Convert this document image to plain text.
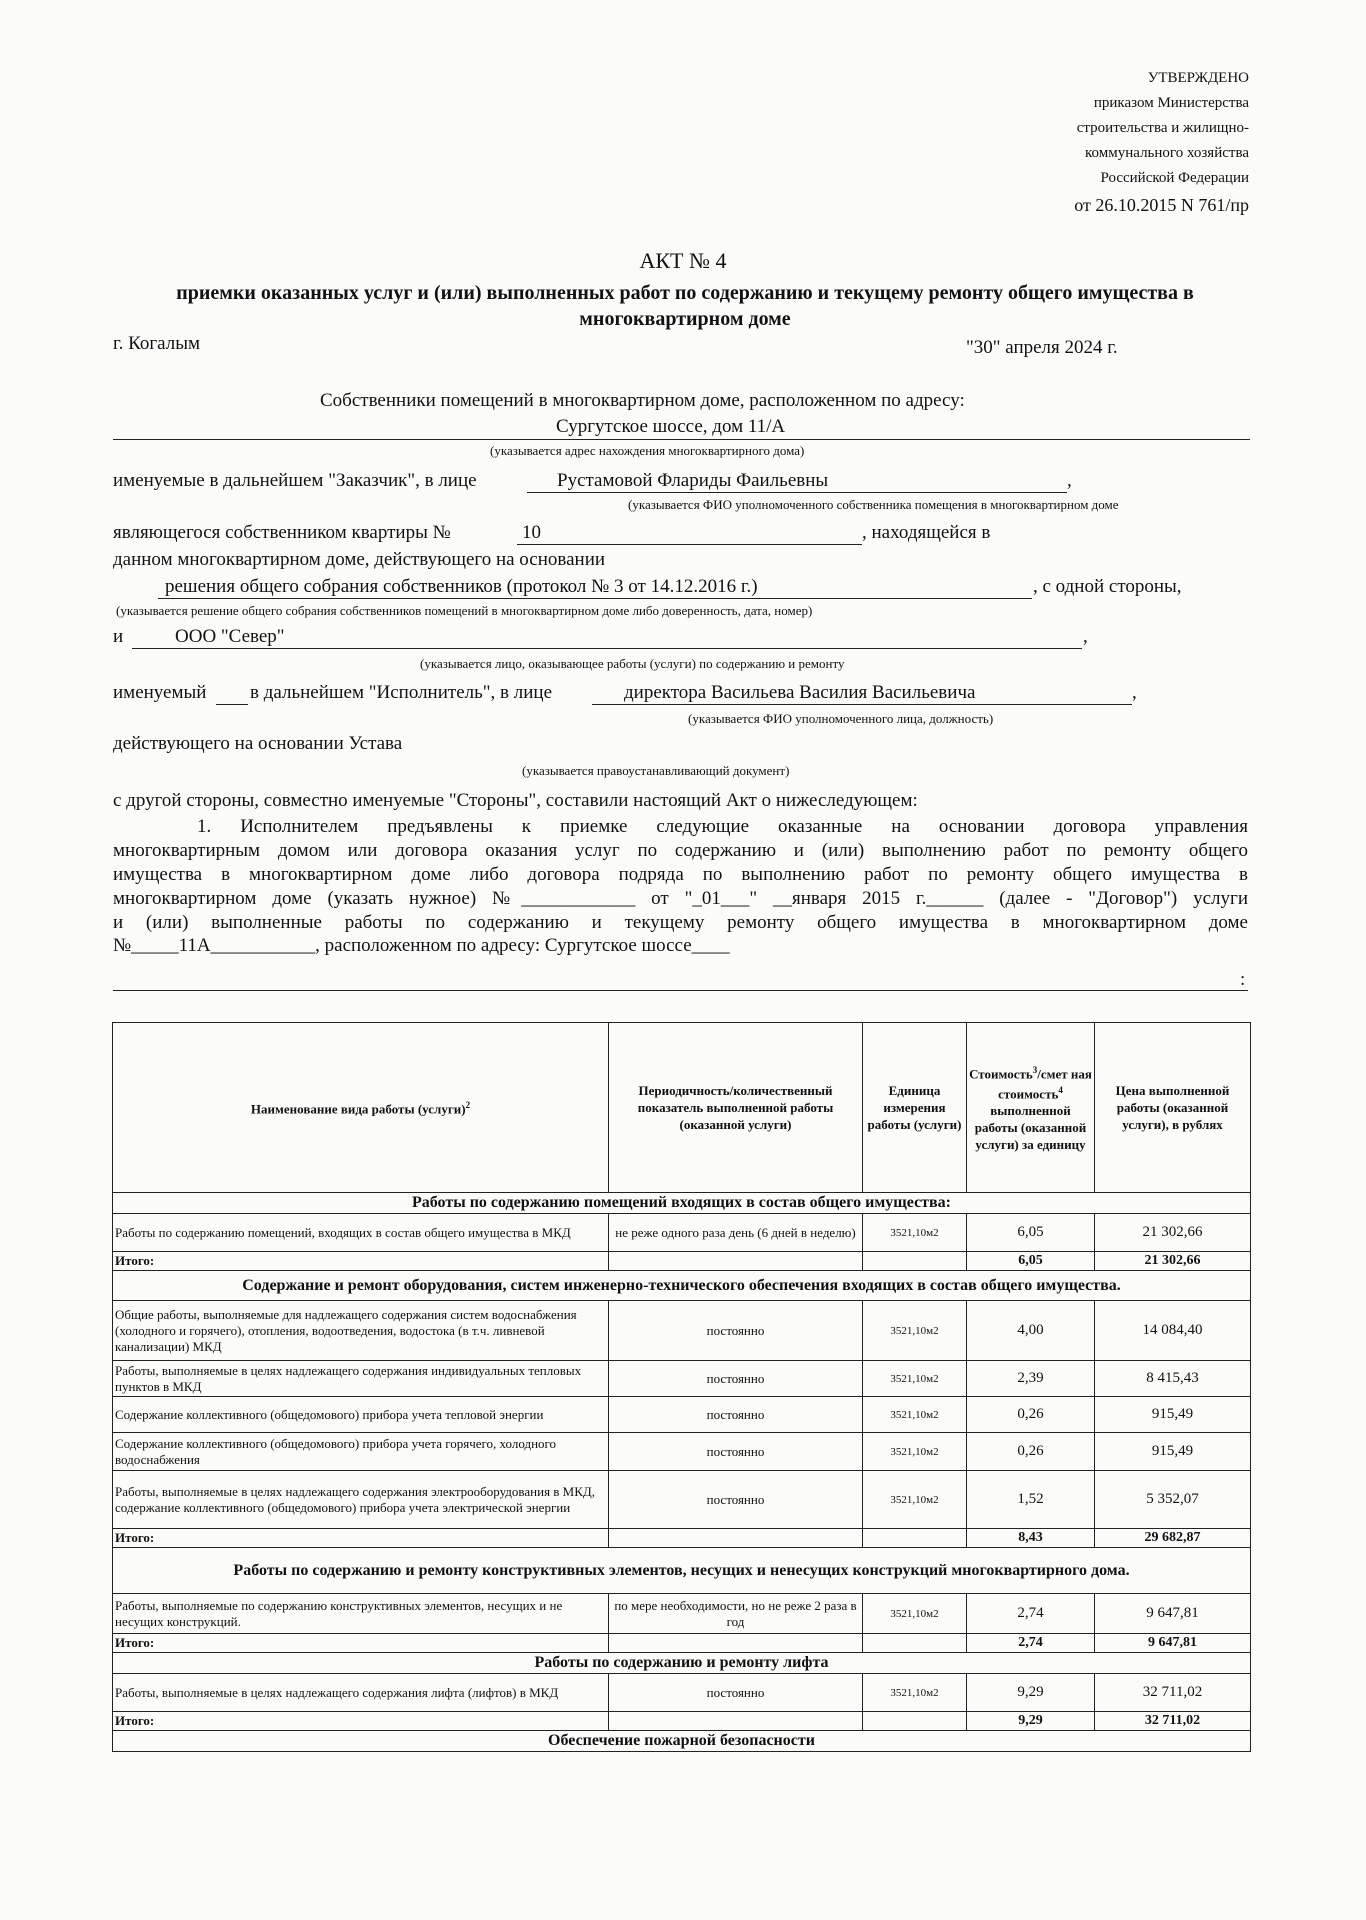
УТВЕРЖДЕНО
приказом Министерства
строительства и жилищно-
коммунального хозяйства
Российской Федерации
от 26.10.2015 N 761/пр
АКТ № 4
приемки оказанных услуг и (или) выполненных работ по содержанию и текущему ремонту общего имущества в многоквартирном доме
г. Когалым	"30" апреля 2024 г.
Собственники помещений в многоквартирном доме, расположенном по адресу:
Сургутское шоссе, дом 11/А
(указывается адрес нахождения многоквартирного дома)
именуемые в дальнейшем "Заказчик", в лице	Рустамовой Флариды Фаильевны	,
(указывается ФИО уполномоченного собственника помещения в многоквартирном доме
являющегося собственником квартиры №	10	, находящейся в
данном многоквартирном доме, действующего на основании
решения общего собрания собственников (протокол № 3 от 14.12.2016 г.)	, с одной стороны,
(указывается решение общего собрания собственников помещений в многоквартирном доме либо доверенность, дата, номер)
и	ООО "Север"	,
(указывается лицо, оказывающее работы (услуги) по содержанию и ремонту
именуемый в дальнейшем "Исполнитель", в лице	директора Васильева Василия Васильевича	,
(указывается ФИО уполномоченного лица, должность)
действующего на основании Устава
(указывается правоустанавливающий документ)
с другой стороны, совместно именуемые "Стороны", составили настоящий Акт о нижеследующем:
1. Исполнителем предъявлены к приемке следующие оказанные на основании договора управления
многоквартирным домом или договора оказания услуг по содержанию и (или) выполнению работ по ремонту общего
имущества в многоквартирном доме либо договора подряда по выполнению работ по ремонту общего имущества в
многоквартирном доме (указать нужное) №____________ от "_01___" __января 2015 г.______ (далее - "Договор") услуги
и (или) выполненные работы по содержанию и текущему ремонту общего имущества в многоквартирном доме
№_____11А___________, расположенном по адресу: Сургутское шоссе____
:
Наименование вида работы (услуги)$^2$	Периодичность/количественный показатель выполненной работы (оказанной услуги)	Единица измерения работы (услуги)	Стоимость$^3$/смет ная стоимость$^4$ выполненной работы (оказанной услуги) за единицу	Цена выполненной работы (оказанной услуги), в рублях
Работы по содержанию помещений входящих в состав общего имущества:				
Работы по содержанию помещений, входящих в состав общего имущества в МКД	не реже одного раза день (6 дней в неделю)	3521,10м2	6,05	21 302,66
Итого:			6,05	21 302,66
Содержание и ремонт оборудования, систем инженерно-технического обеспечения входящих в состав общего имущества.				
Общие работы, выполняемые для надлежащего содержания систем водоснабжения (холодного и горячего), отопления, водоотведения, водостока (в т.ч. ливневой канализации) МКД	постоянно	3521,10м2	4,00	14 084,40
Работы, выполняемые в целях надлежащего содержания индивидуальных тепловых пунктов в МКД	постоянно	3521,10м2	2,39	8 415,43
Содержание коллективного (общедомового) прибора учета тепловой энергии	постоянно	3521,10м2	0,26	915,49
Содержание коллективного (общедомового) прибора учета горячего, холодного водоснабжения	постоянно	3521,10м2	0,26	915,49
Работы, выполняемые в целях надлежащего содержания электрооборудования в МКД, содержание коллективного (общедомового) прибора учета электрической энергии	постоянно	3521,10м2	1,52	5 352,07
Итого:			8,43	29 682,87
Работы по содержанию и ремонту конструктивных элементов, несущих и ненесущих конструкций многоквартирного дома.				
Работы, выполняемые по содержанию конструктивных элементов, несущих и не несущих конструкций.	по мере необходимости, но не реже 2 раза в год	3521,10м2	2,74	9 647,81
Итого:			2,74	9 647,81
Работы по содержанию и ремонту лифта				
Работы, выполняемые в целях надлежащего содержания лифта (лифтов) в МКД	постоянно	3521,10м2	9,29	32 711,02
Итого:			9,29	32 711,02
Обеспечение пожарной безопасности				
